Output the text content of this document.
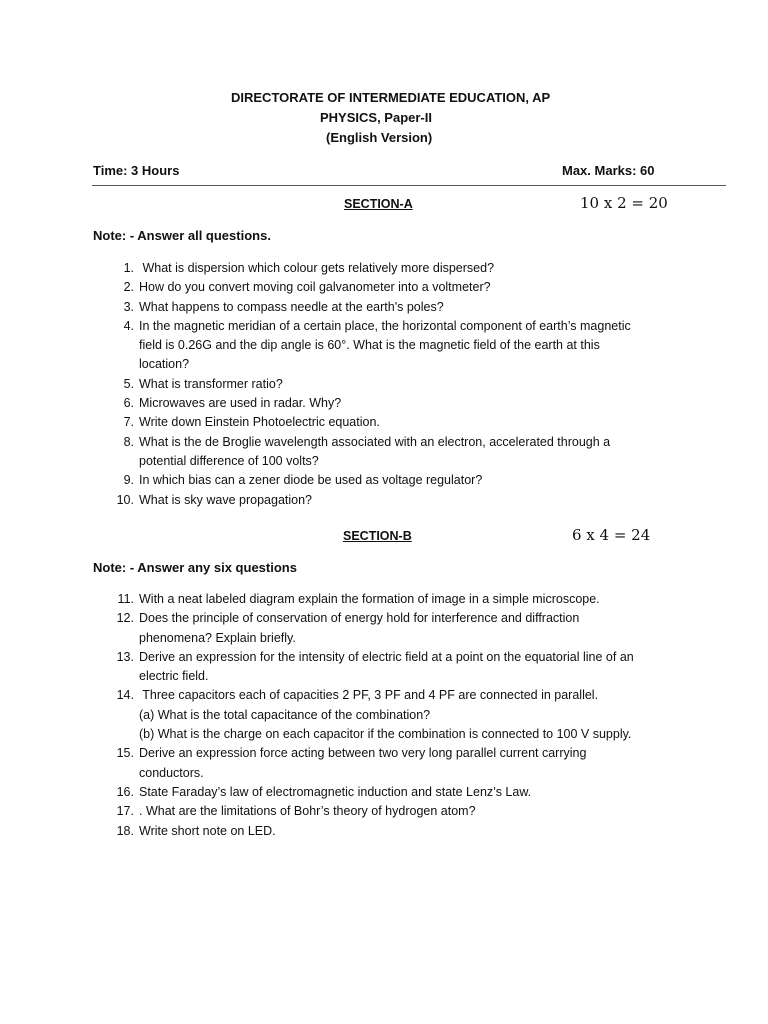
DIRECTORATE OF INTERMEDIATE EDUCATION, AP
PHYSICS, Paper-II
(English Version)
Time: 3 Hours	Max. Marks: 60
SECTION-A	10 x 2 = 20
Note: - Answer all questions.
1. What is dispersion which colour gets relatively more dispersed?
2. How do you convert moving coil galvanometer into a voltmeter?
3. What happens to compass needle at the earth's poles?
4. In the magnetic meridian of a certain place, the horizontal component of earth’s magnetic field is 0.26G and the dip angle is 60°. What is the magnetic field of the earth at this location?
5. What is transformer ratio?
6. Microwaves are used in radar. Why?
7. Write down Einstein Photoelectric equation.
8. What is the de Broglie wavelength associated with an electron, accelerated through a potential difference of 100 volts?
9. In which bias can a zener diode be used as voltage regulator?
10. What is sky wave propagation?
SECTION-B	6 x 4 = 24
Note: - Answer any six questions
11. With a neat labeled diagram explain the formation of image in a simple microscope.
12. Does the principle of conservation of energy hold for interference and diffraction phenomena? Explain briefly.
13. Derive an expression for the intensity of electric field at a point on the equatorial line of an electric field.
14. Three capacitors each of capacities 2 PF, 3 PF and 4 PF are connected in parallel.
(a) What is the total capacitance of the combination?
(b) What is the charge on each capacitor if the combination is connected to 100 V supply.
15. Derive an expression force acting between two very long parallel current carrying conductors.
16. State Faraday’s law of electromagnetic induction and state Lenz’s Law.
17. . What are the limitations of Bohr’s theory of hydrogen atom?
18. Write short note on LED.
